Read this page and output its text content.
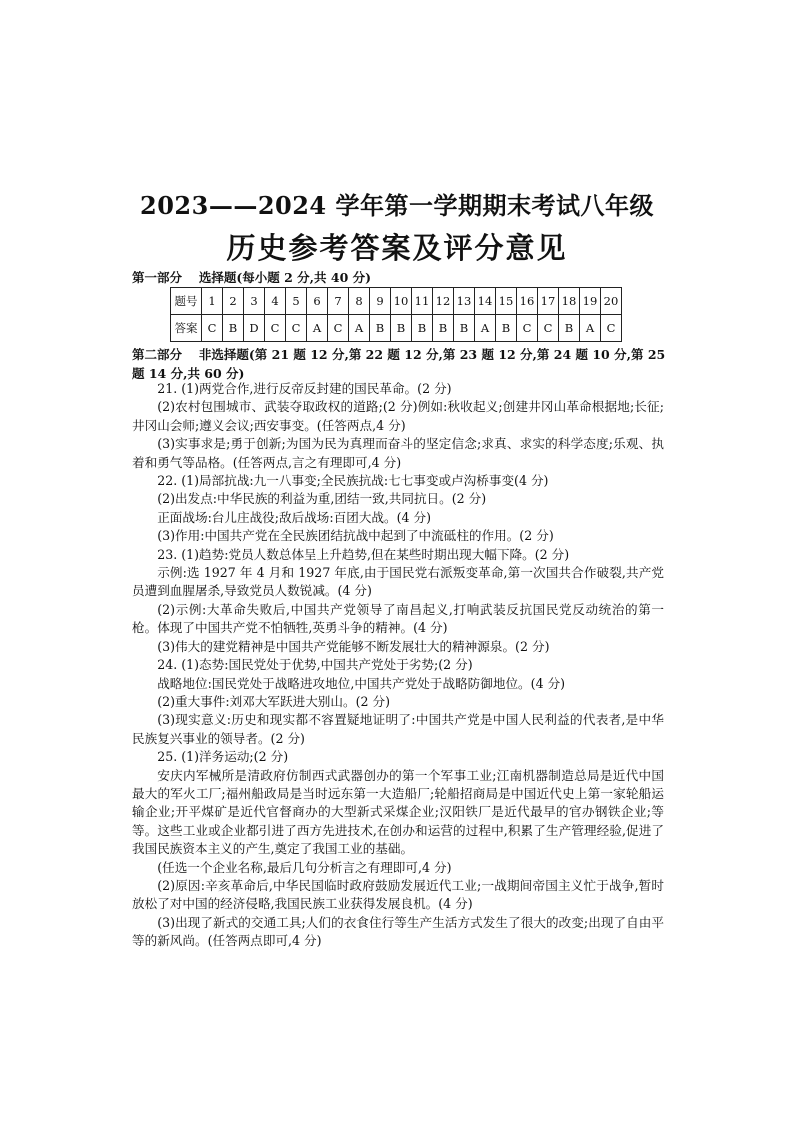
2023——2024 学年第一学期期末考试八年级
历史参考答案及评分意见
第一部分　 选择题(每小题 2 分,共 40 分)
题号	1	2	3	4	5	6	7	8	9	10	11	12	13	14	15	16	17	18	19	20
答案	C	B	D	C	C	A	C	A	B	B	B	B	B	A	B	C	C	B	A	C
第二部分　 非选择题(第 21 题 12 分,第 22 题 12 分,第 23 题 12 分,第 24 题 10 分,第 25 题 14 分,共 60 分)

21. (1)两党合作,进行反帝反封建的国民革命。(2 分)

(2)农村包围城市、武装夺取政权的道路;(2 分)例如:秋收起义;创建井冈山革命根据地;长征;井冈山会师;遵义会议;西安事变。(任答两点,4 分)

(3)实事求是;勇于创新;为国为民为真理而奋斗的坚定信念;求真、求实的科学态度;乐观、执着和勇气等品格。(任答两点,言之有理即可,4 分)

22. (1)局部抗战:九一八事变;全民族抗战:七七事变或卢沟桥事变(4 分)

(2)出发点:中华民族的利益为重,团结一致,共同抗日。(2 分)

正面战场:台儿庄战役;敌后战场:百团大战。(4 分)

(3)作用:中国共产党在全民族团结抗战中起到了中流砥柱的作用。(2 分)

23. (1)趋势:党员人数总体呈上升趋势,但在某些时期出现大幅下降。(2 分)

示例:选 1927 年 4 月和 1927 年底,由于国民党右派叛变革命,第一次国共合作破裂,共产党员遭到血腥屠杀,导致党员人数锐减。(4 分)

(2)示例:大革命失败后,中国共产党领导了南昌起义,打响武装反抗国民党反动统治的第一枪。体现了中国共产党不怕牺牲,英勇斗争的精神。(4 分)

(3)伟大的建党精神是中国共产党能够不断发展壮大的精神源泉。(2 分)

24. (1)态势:国民党处于优势,中国共产党处于劣势;(2 分)

战略地位:国民党处于战略进攻地位,中国共产党处于战略防御地位。(4 分)

(2)重大事件:刘邓大军跃进大别山。(2 分)

(3)现实意义:历史和现实都不容置疑地证明了:中国共产党是中国人民利益的代表者,是中华民族复兴事业的领导者。(2 分)

25. (1)洋务运动;(2 分)

安庆内军械所是清政府仿制西式武器创办的第一个军事工业;江南机器制造总局是近代中国最大的军火工厂;福州船政局是当时远东第一大造船厂;轮船招商局是中国近代史上第一家轮船运输企业;开平煤矿是近代官督商办的大型新式采煤企业;汉阳铁厂是近代最早的官办钢铁企业;等等。这些工业或企业都引进了西方先进技术,在创办和运营的过程中,积累了生产管理经验,促进了我国民族资本主义的产生,奠定了我国工业的基础。

(任选一个企业名称,最后几句分析言之有理即可,4 分)

(2)原因:辛亥革命后,中华民国临时政府鼓励发展近代工业;一战期间帝国主义忙于战争,暂时放松了对中国的经济侵略,我国民族工业获得发展良机。(4 分)

(3)出现了新式的交通工具;人们的衣食住行等生产生活方式发生了很大的改变;出现了自由平等的新风尚。(任答两点即可,4 分)
